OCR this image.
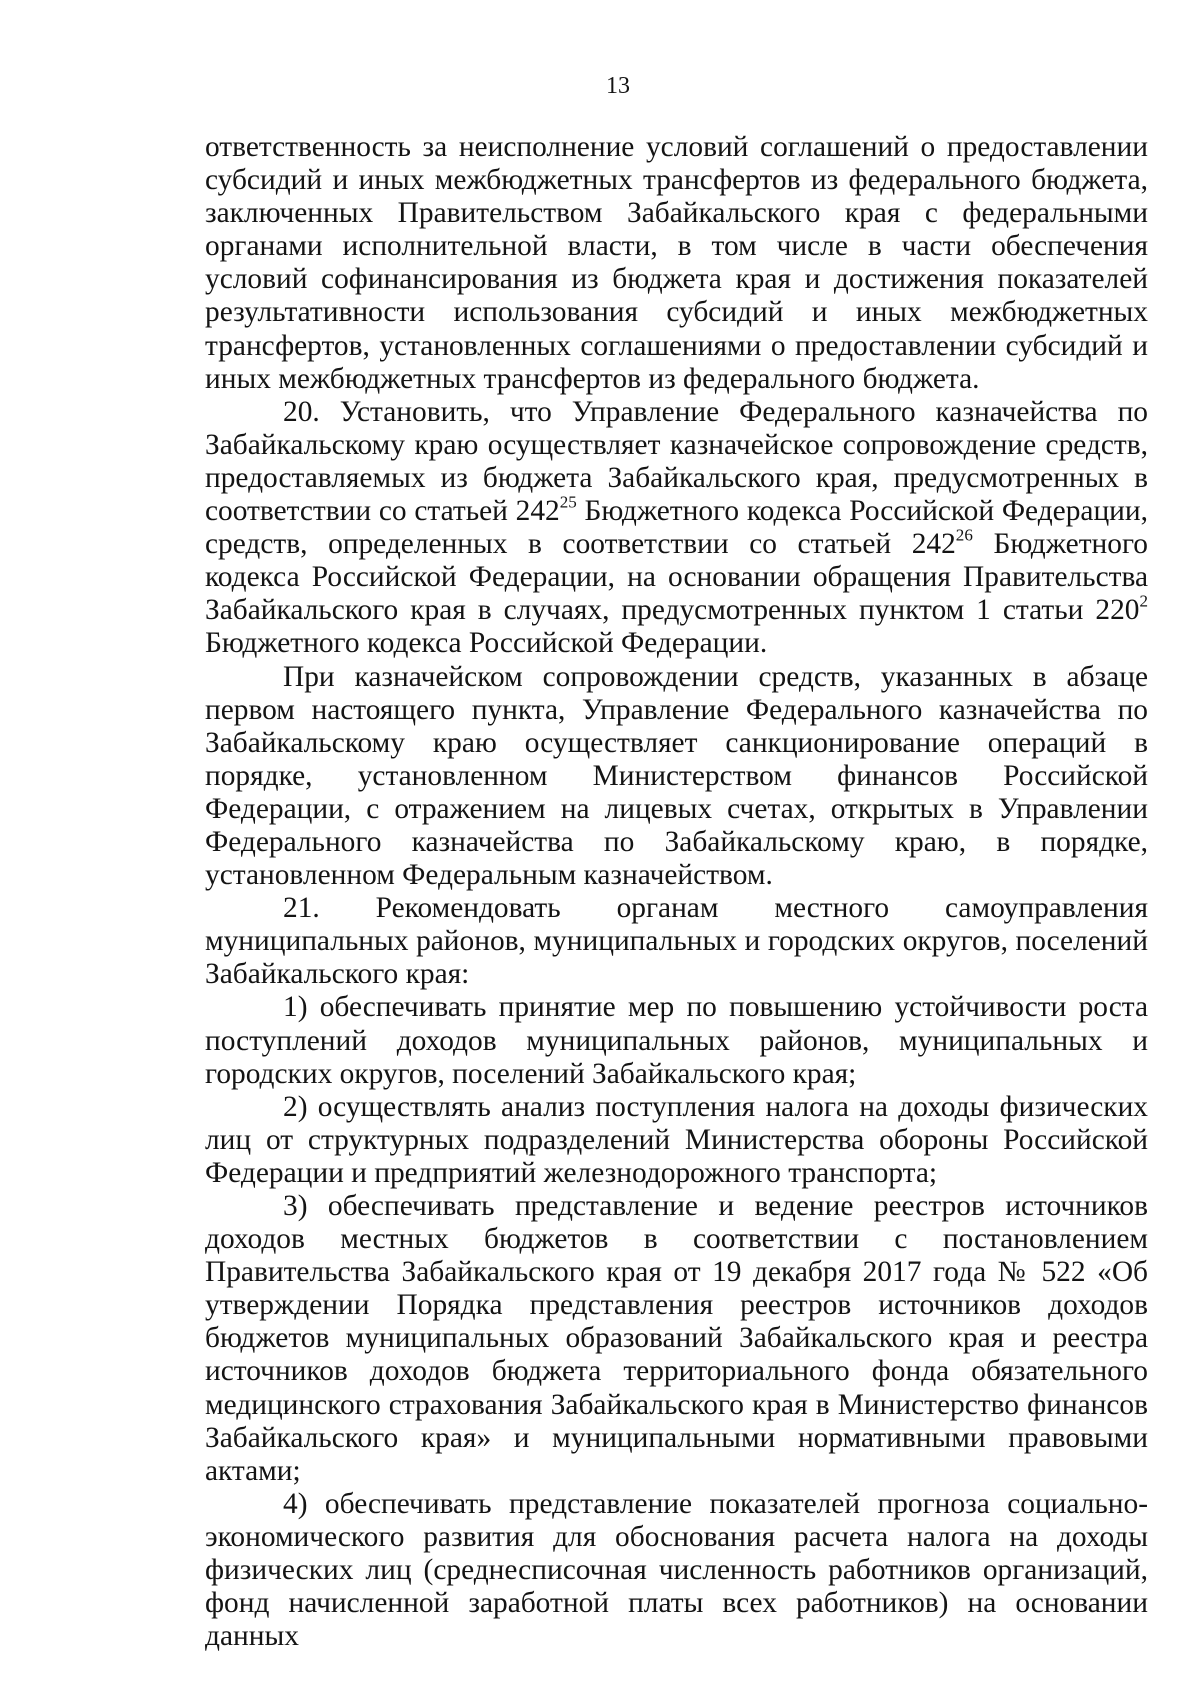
13

ответственность за неисполнение условий соглашений о предоставлении субсидий и иных межбюджетных трансфертов из федерального бюджета, заключенных Правительством Забайкальского края с федеральными органами исполнительной власти, в том числе в части обеспечения условий софинансирования из бюджета края и достижения показателей результативности использования субсидий и иных межбюджетных трансфертов, установленных соглашениями о предоставлении субсидий и иных межбюджетных трансфертов из федерального бюджета.

20. Установить, что Управление Федерального казначейства по Забайкальскому краю осуществляет казначейское сопровождение средств, предоставляемых из бюджета Забайкальского края, предусмотренных в соответствии со статьей $242^{25}$ Бюджетного кодекса Российской Федерации, средств, определенных в соответствии со статьей $242^{26}$ Бюджетного кодекса Российской Федерации, на основании обращения Правительства Забайкальского края в случаях, предусмотренных пунктом 1 статьи $220^2$ Бюджетного кодекса Российской Федерации.

При казначейском сопровождении средств, указанных в абзаце первом настоящего пункта, Управление Федерального казначейства по Забайкальскому краю осуществляет санкционирование операций в порядке, установленном Министерством финансов Российской Федерации, с отражением на лицевых счетах, открытых в Управлении Федерального казначейства по Забайкальскому краю, в порядке, установленном Федеральным казначейством.

21. Рекомендовать органам местного самоуправления муниципальных районов, муниципальных и городских округов, поселений Забайкальского края:

1) обеспечивать принятие мер по повышению устойчивости роста поступлений доходов муниципальных районов, муниципальных и городских округов, поселений Забайкальского края;

2) осуществлять анализ поступления налога на доходы физических лиц от структурных подразделений Министерства обороны Российской Федерации и предприятий железнодорожного транспорта;

3) обеспечивать представление и ведение реестров источников доходов местных бюджетов в соответствии с постановлением Правительства Забайкальского края от 19 декабря 2017 года № 522 «Об утверждении Порядка представления реестров источников доходов бюджетов муниципальных образований Забайкальского края и реестра источников доходов бюджета территориального фонда обязательного медицинского страхования Забайкальского края в Министерство финансов Забайкальского края» и муниципальными нормативными правовыми актами;

4) обеспечивать представление показателей прогноза социально-экономического развития для обоснования расчета налога на доходы физических лиц (среднесписочная численность работников организаций, фонд начисленной заработной платы всех работников) на основании данных
